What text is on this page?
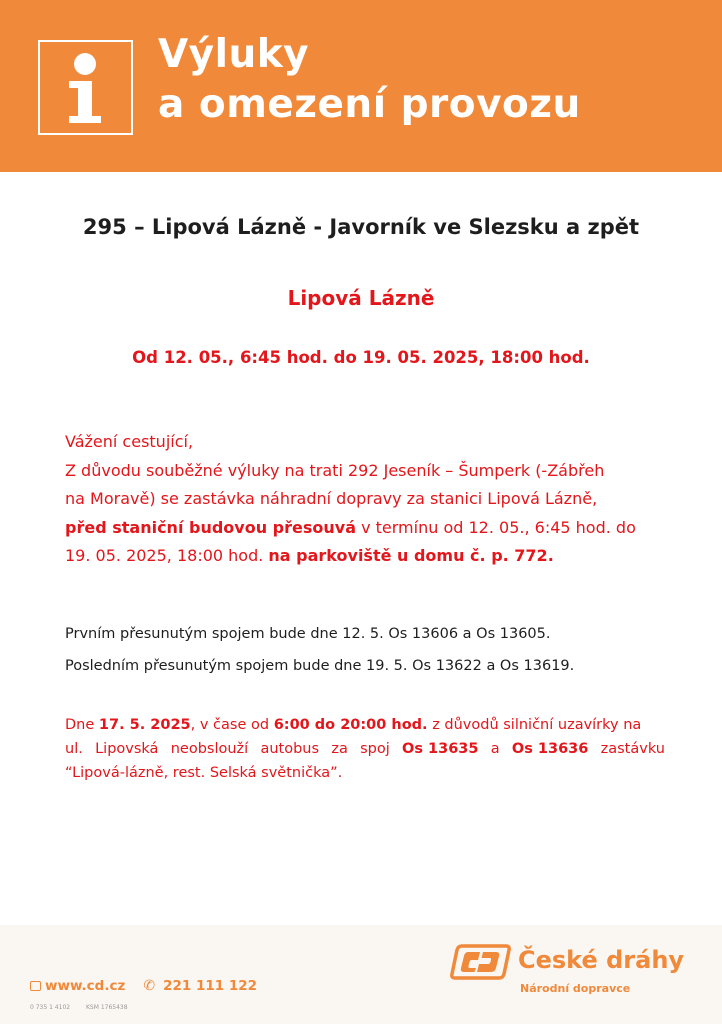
Výluky
a omezení provozu
295 – Lipová Lázně - Javorník ve Slezsku a zpět
Lipová Lázně
Od 12. 05., 6:45 hod. do 19. 05. 2025, 18:00 hod.
Vážení cestující,
Z důvodu souběžné výluky na trati 292 Jeseník – Šumperk (-Zábřeh
na Moravě) se zastávka náhradní dopravy za stanici Lipová Lázně,
před staniční budovou přesouvá v termínu od 12. 05., 6:45 hod. do
19. 05. 2025, 18:00 hod. na parkoviště u domu č. p. 772.
Prvním přesunutým spojem bude dne 12. 5. Os 13606 a Os 13605.
Posledním přesunutým spojem bude dne 19. 5. Os 13622 a Os 13619.
Dne 17. 5. 2025, v čase od 6:00 do 20:00 hod. z důvodů silniční uzavírky na
ul. Lipovská neobslouží autobus za spoj Os 13635 a Os 13636 zastávku
“Lipová-lázně, rest. Selská světnička”.
www.cd.cz ✆ 221 111 122
0 735 1 4102	KSM 1765438
České dráhy
Národní dopravce
